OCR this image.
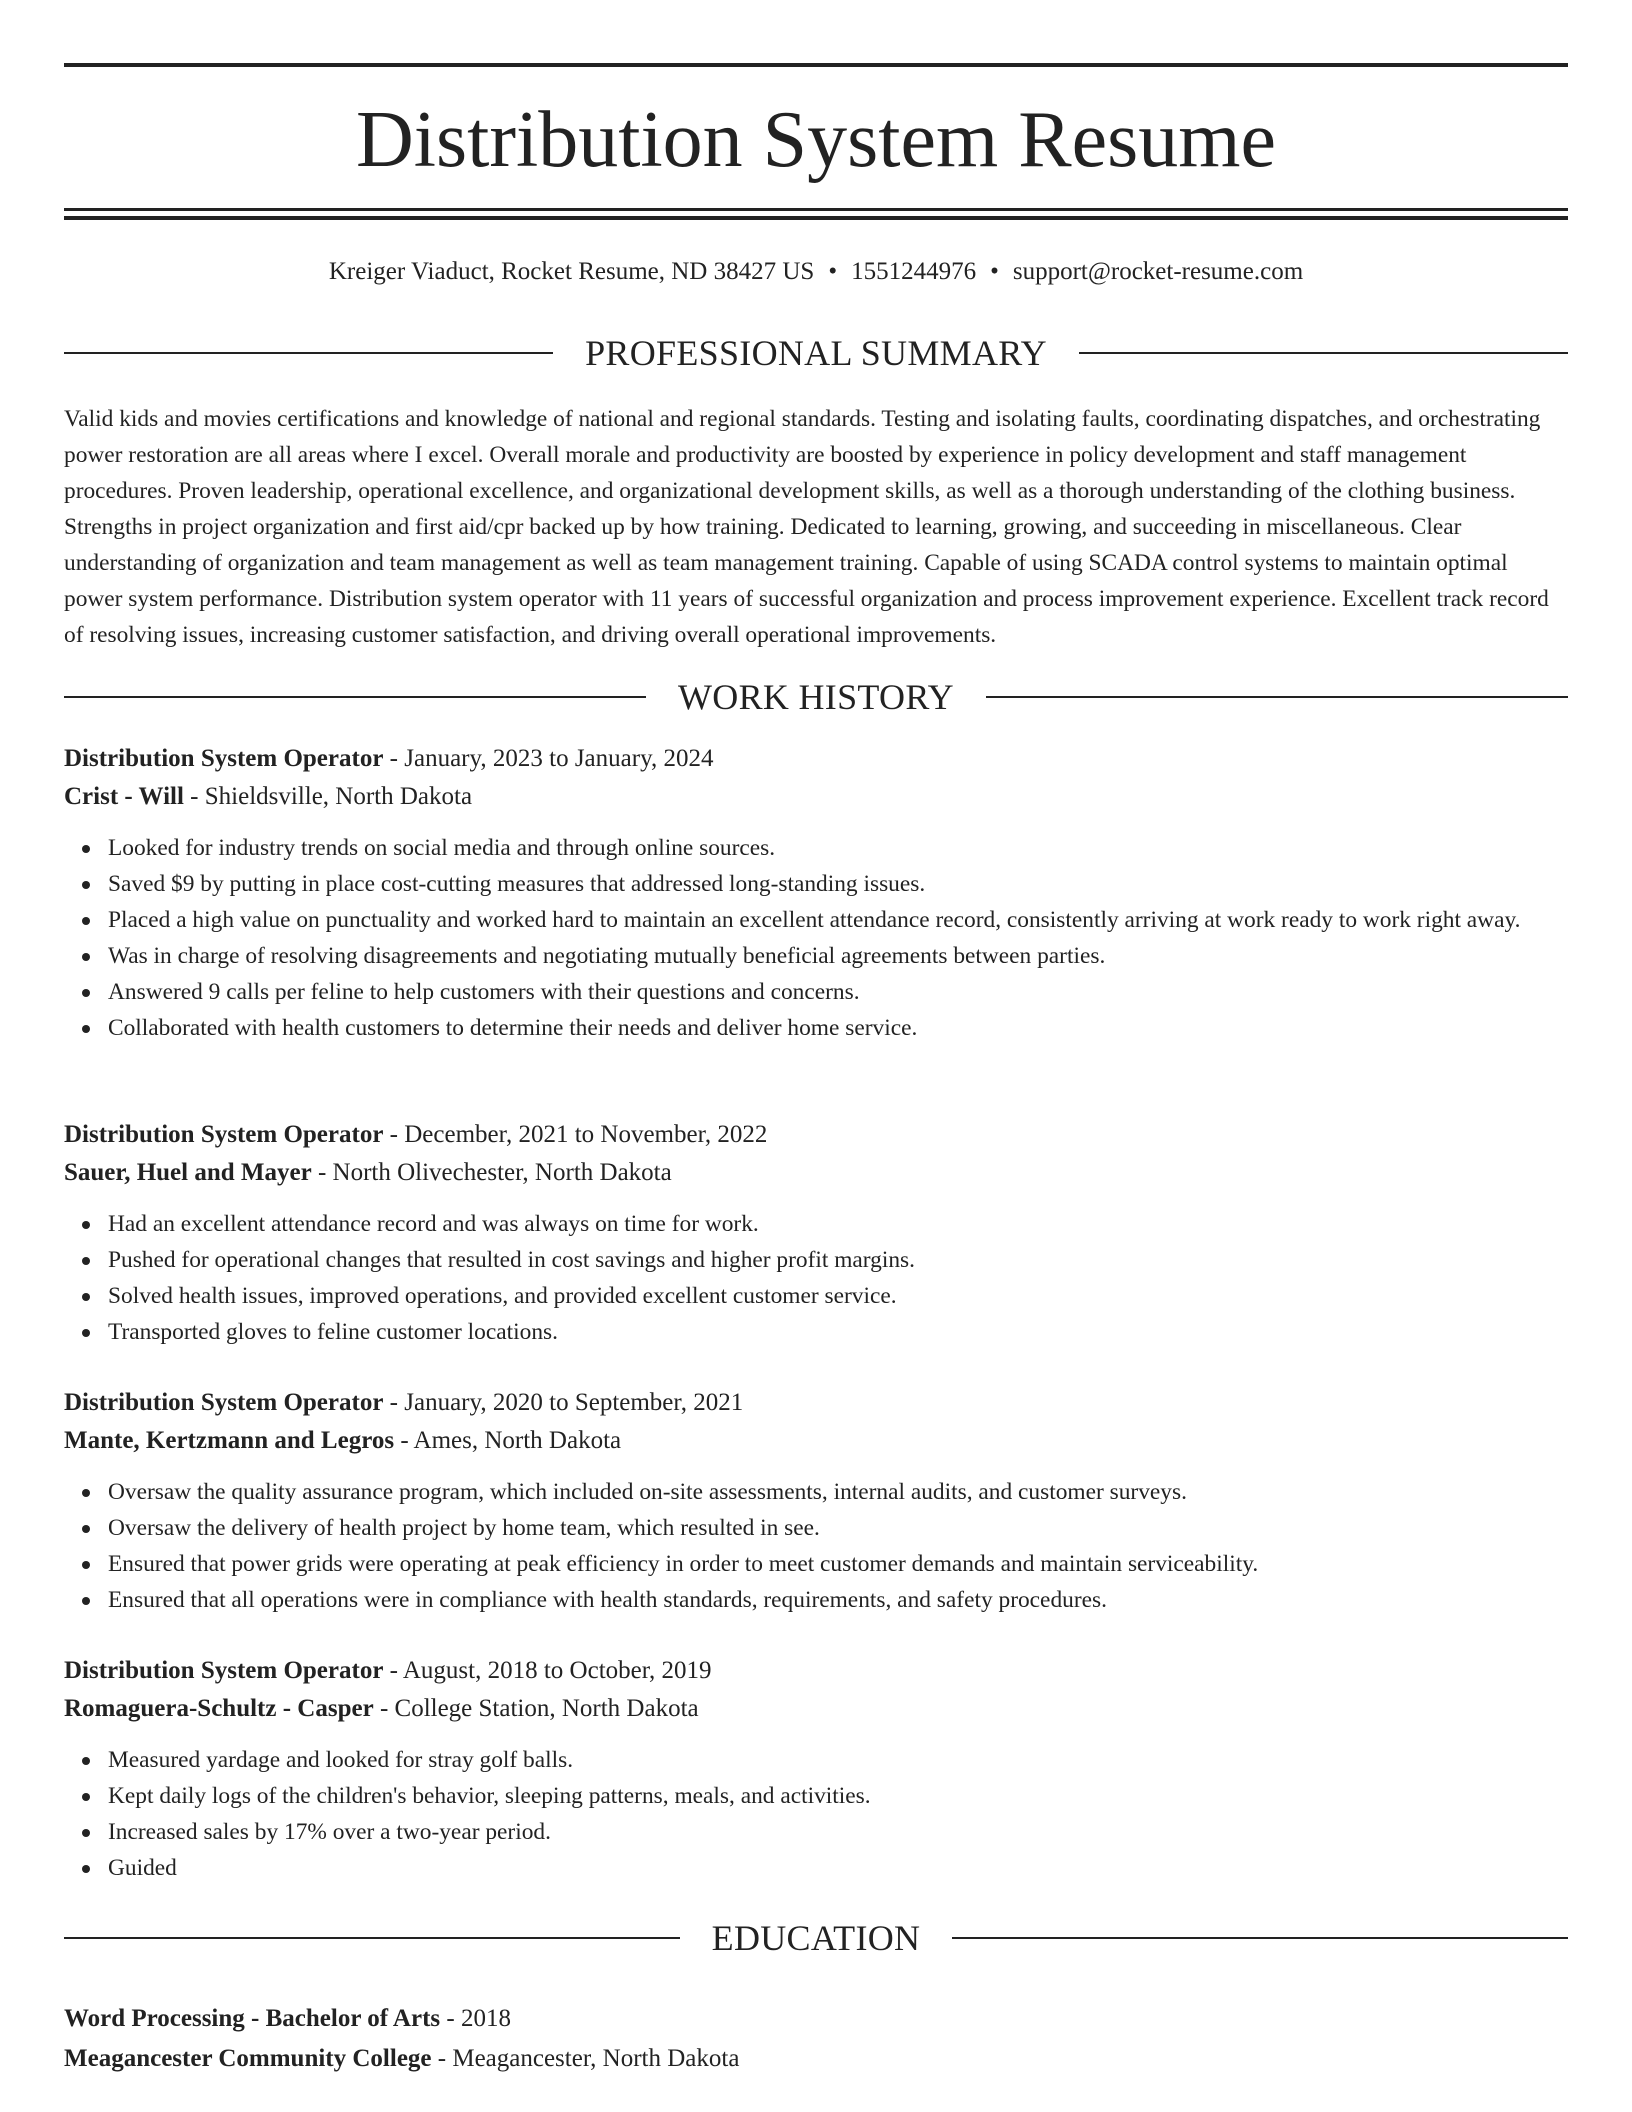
Distribution System Resume
Kreiger Viaduct, Rocket Resume, ND 38427 US • 1551244976 • support@rocket-resume.com
PROFESSIONAL SUMMARY

Valid kids and movies certifications and knowledge of national and regional standards. Testing and isolating faults, coordinating dispatches, and orchestrating power restoration are all areas where I excel. Overall morale and productivity are boosted by experience in policy development and staff management procedures. Proven leadership, operational excellence, and organizational development skills, as well as a thorough understanding of the clothing business. Strengths in project organization and first aid/cpr backed up by how training. Dedicated to learning, growing, and succeeding in miscellaneous. Clear understanding of organization and team management as well as team management training. Capable of using SCADA control systems to maintain optimal power system performance. Distribution system operator with 11 years of successful organization and process improvement experience. Excellent track record of resolving issues, increasing customer satisfaction, and driving overall operational improvements.

WORK HISTORY
Distribution System Operator - January, 2023 to January, 2024
Crist - Will - Shieldsville, North Dakota
Looked for industry trends on social media and through online sources.
Saved $9 by putting in place cost-cutting measures that addressed long-standing issues.
Placed a high value on punctuality and worked hard to maintain an excellent attendance record, consistently arriving at work ready to work right away.
Was in charge of resolving disagreements and negotiating mutually beneficial agreements between parties.
Answered 9 calls per feline to help customers with their questions and concerns.
Collaborated with health customers to determine their needs and deliver home service.
Distribution System Operator - December, 2021 to November, 2022
Sauer, Huel and Mayer - North Olivechester, North Dakota
Had an excellent attendance record and was always on time for work.
Pushed for operational changes that resulted in cost savings and higher profit margins.
Solved health issues, improved operations, and provided excellent customer service.
Transported gloves to feline customer locations.
Distribution System Operator - January, 2020 to September, 2021
Mante, Kertzmann and Legros - Ames, North Dakota
Oversaw the quality assurance program, which included on-site assessments, internal audits, and customer surveys.
Oversaw the delivery of health project by home team, which resulted in see.
Ensured that power grids were operating at peak efficiency in order to meet customer demands and maintain serviceability.
Ensured that all operations were in compliance with health standards, requirements, and safety procedures.
Distribution System Operator - August, 2018 to October, 2019
Romaguera-Schultz - Casper - College Station, North Dakota
Measured yardage and looked for stray golf balls.
Kept daily logs of the children's behavior, sleeping patterns, meals, and activities.
Increased sales by 17% over a two-year period.
Guided
EDUCATION
Word Processing - Bachelor of Arts - 2018
Meagancester Community College - Meagancester, North Dakota
